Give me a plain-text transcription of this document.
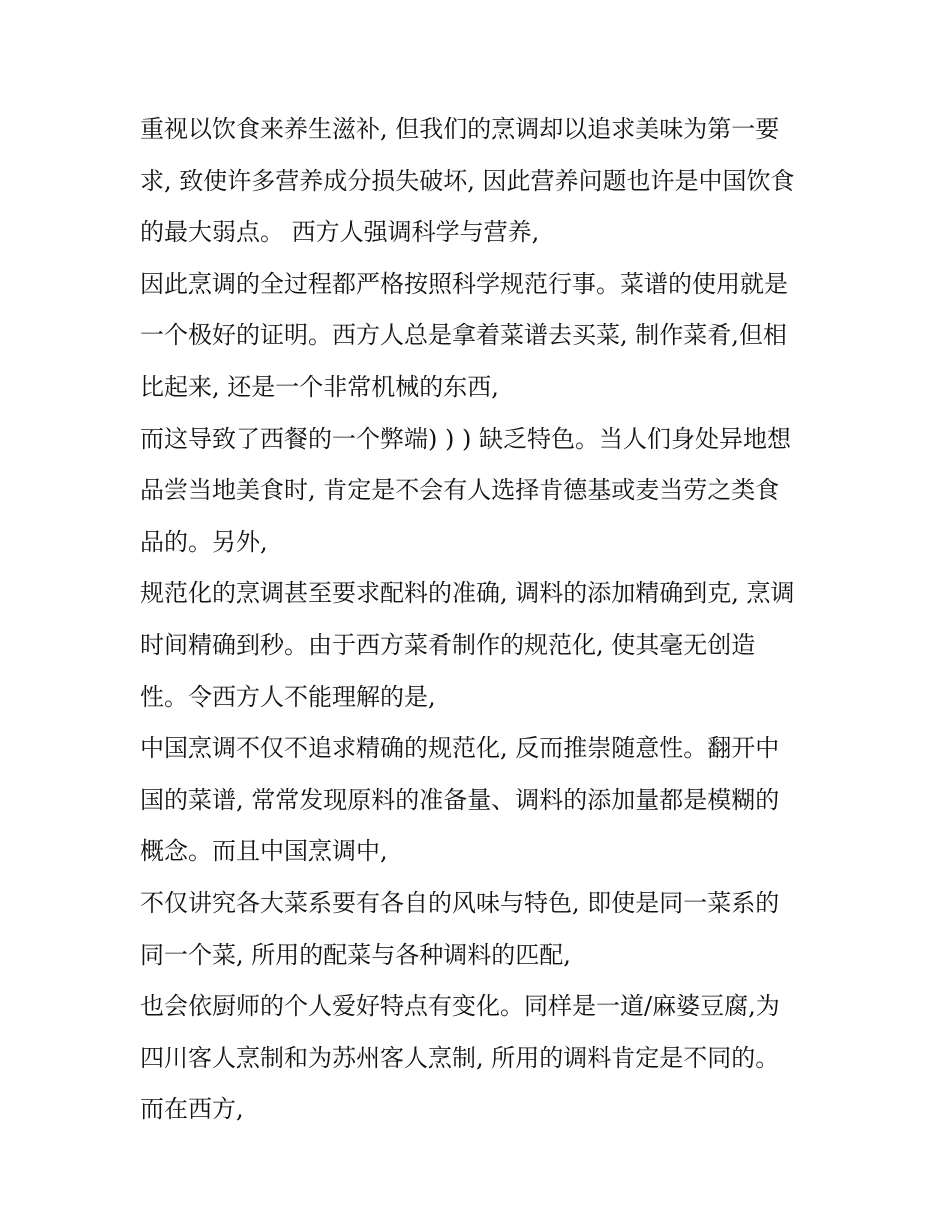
重视以饮食来养生滋补, 但我们的烹调却以追求美味为第一要
求, 致使许多营养成分损失破坏, 因此营养问题也许是中国饮食
的最大弱点。 西方人强调科学与营养,
因此烹调的全过程都严格按照科学规范行事。菜谱的使用就是
一个极好的证明。西方人总是拿着菜谱去买菜, 制作菜肴,但相
比起来, 还是一个非常机械的东西,
而这导致了西餐的一个弊端) ) ) 缺乏特色。当人们身处异地想
品尝当地美食时, 肯定是不会有人选择肯德基或麦当劳之类食
品的。另外,
规范化的烹调甚至要求配料的准确, 调料的添加精确到克, 烹调
时间精确到秒。由于西方菜肴制作的规范化, 使其毫无创造
性。令西方人不能理解的是,
中国烹调不仅不追求精确的规范化, 反而推崇随意性。翻开中
国的菜谱, 常常发现原料的准备量、调料的添加量都是模糊的
概念。而且中国烹调中,
不仅讲究各大菜系要有各自的风味与特色, 即使是同一菜系的
同一个菜, 所用的配菜与各种调料的匹配,
也会依厨师的个人爱好特点有变化。同样是一道/麻婆豆腐,为
四川客人烹制和为苏州客人烹制, 所用的调料肯定是不同的。
而在西方,
